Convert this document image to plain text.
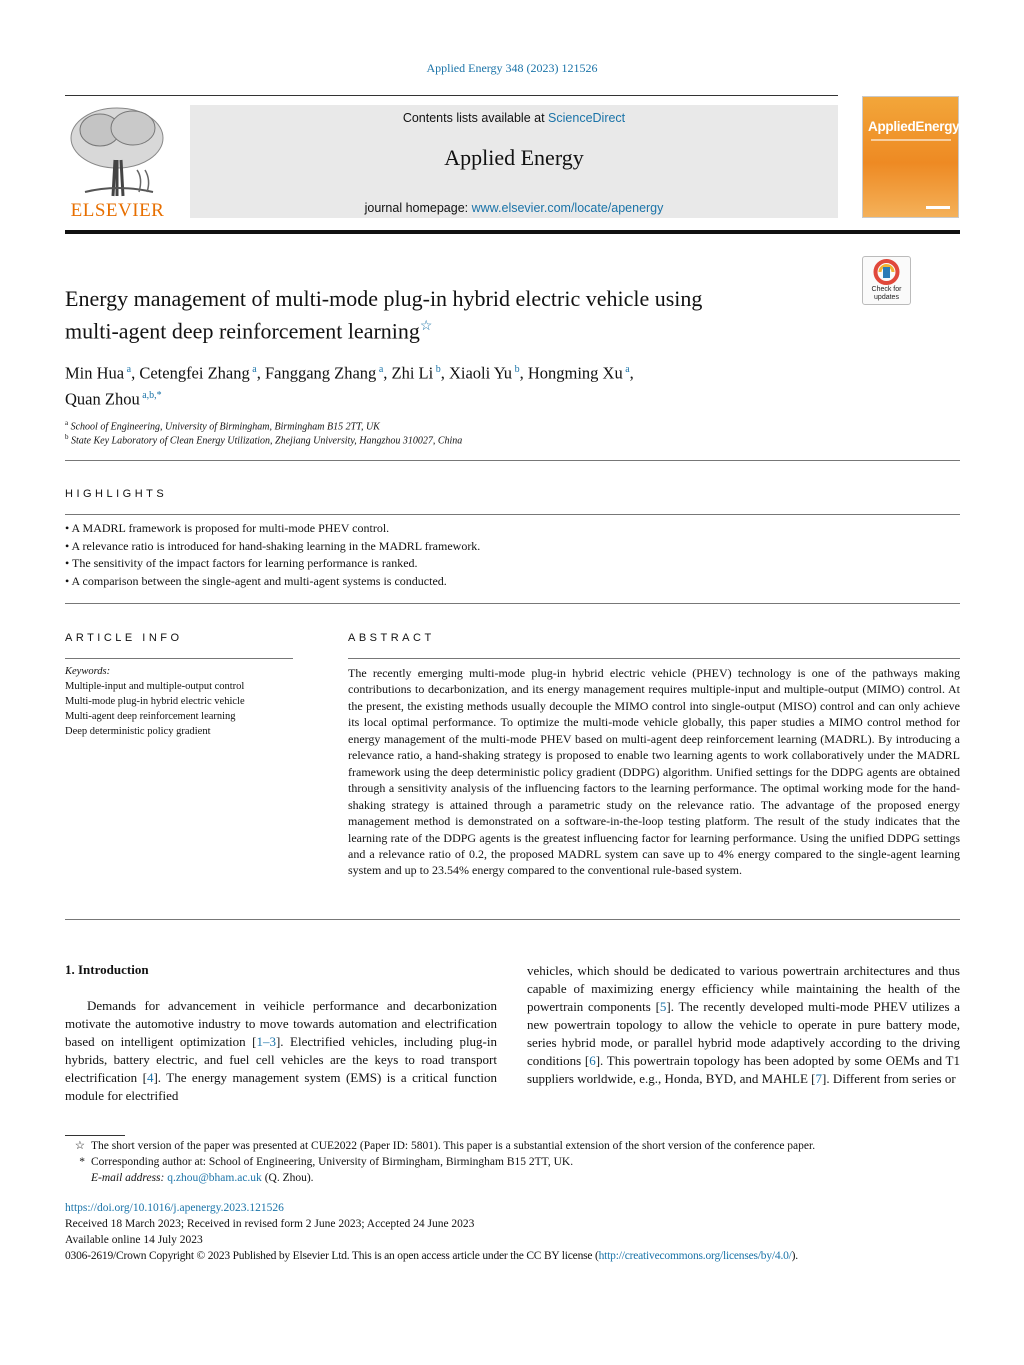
Applied Energy 348 (2023) 121526
ELSEVIER
Contents lists available at ScienceDirect
Applied Energy
journal homepage: www.elsevier.com/locate/apenergy
AppliedEnergy
Check for updates
Energy management of multi-mode plug-in hybrid electric vehicle using
multi-agent deep reinforcement learning☆
Min Hua $^a$, Cetengfei Zhang $^a$, Fanggang Zhang $^a$, Zhi Li $^b$, Xiaoli Yu $^b$, Hongming Xu $^a$,
Quan Zhou $^{a,b,*}$
$^a$ School of Engineering, University of Birmingham, Birmingham B15 2TT, UK
$^b$ State Key Laboratory of Clean Energy Utilization, Zhejiang University, Hangzhou 310027, China
HIGHLIGHTS
• A MADRL framework is proposed for multi-mode PHEV control.
• A relevance ratio is introduced for hand-shaking learning in the MADRL framework.
• The sensitivity of the impact factors for learning performance is ranked.
• A comparison between the single-agent and multi-agent systems is conducted.
ARTICLE INFO
Keywords:
Multiple-input and multiple-output control
Multi-mode plug-in hybrid electric vehicle
Multi-agent deep reinforcement learning
Deep deterministic policy gradient
ABSTRACT
The recently emerging multi-mode plug-in hybrid electric vehicle (PHEV) technology is one of the pathways making contributions to decarbonization, and its energy management requires multiple-input and multiple-output (MIMO) control. At the present, the existing methods usually decouple the MIMO control into single-output (MISO) control and can only achieve its local optimal performance. To optimize the multi-mode vehicle globally, this paper studies a MIMO control method for energy management of the multi-mode PHEV based on multi-agent deep reinforcement learning (MADRL). By introducing a relevance ratio, a hand-shaking strategy is proposed to enable two learning agents to work collaboratively under the MADRL framework using the deep deterministic policy gradient (DDPG) algorithm. Unified settings for the DDPG agents are obtained through a sensitivity analysis of the influencing factors to the learning performance. The optimal working mode for the hand-shaking strategy is attained through a parametric study on the relevance ratio. The advantage of the proposed energy management method is demonstrated on a software-in-the-loop testing platform. The result of the study indicates that the learning rate of the DDPG agents is the greatest influencing factor for learning performance. Using the unified DDPG settings and a relevance ratio of 0.2, the proposed MADRL system can save up to 4% energy compared to the single-agent learning system and up to 23.54% energy compared to the conventional rule-based system.
1. Introduction
Demands for advancement in veihicle performance and decarbonization motivate the automotive industry to move towards automation and electrification based on intelligent optimization [1–3]. Electrified vehicles, including plug-in hybrids, battery electric, and fuel cell vehicles are the keys to road transport electrification [4]. The energy management system (EMS) is a critical function module for electrified
vehicles, which should be dedicated to various powertrain architectures and thus capable of maximizing energy efficiency while maintaining the health of the powertrain components [5]. The recently developed multi-mode PHEV utilizes a new powertrain topology to allow the vehicle to operate in pure battery mode, series hybrid mode, or parallel hybrid mode adaptively according to the driving conditions [6]. This powertrain topology has been adopted by some OEMs and T1 suppliers worldwide, e.g., Honda, BYD, and MAHLE [7]. Different from series or
☆ The short version of the paper was presented at CUE2022 (Paper ID: 5801). This paper is a substantial extension of the short version of the conference paper.
* Corresponding author at: School of Engineering, University of Birmingham, Birmingham B15 2TT, UK.
E-mail address: q.zhou@bham.ac.uk (Q. Zhou).
https://doi.org/10.1016/j.apenergy.2023.121526
Received 18 March 2023; Received in revised form 2 June 2023; Accepted 24 June 2023
Available online 14 July 2023
0306-2619/Crown Copyright © 2023 Published by Elsevier Ltd. This is an open access article under the CC BY license (http://creativecommons.org/licenses/by/4.0/).
